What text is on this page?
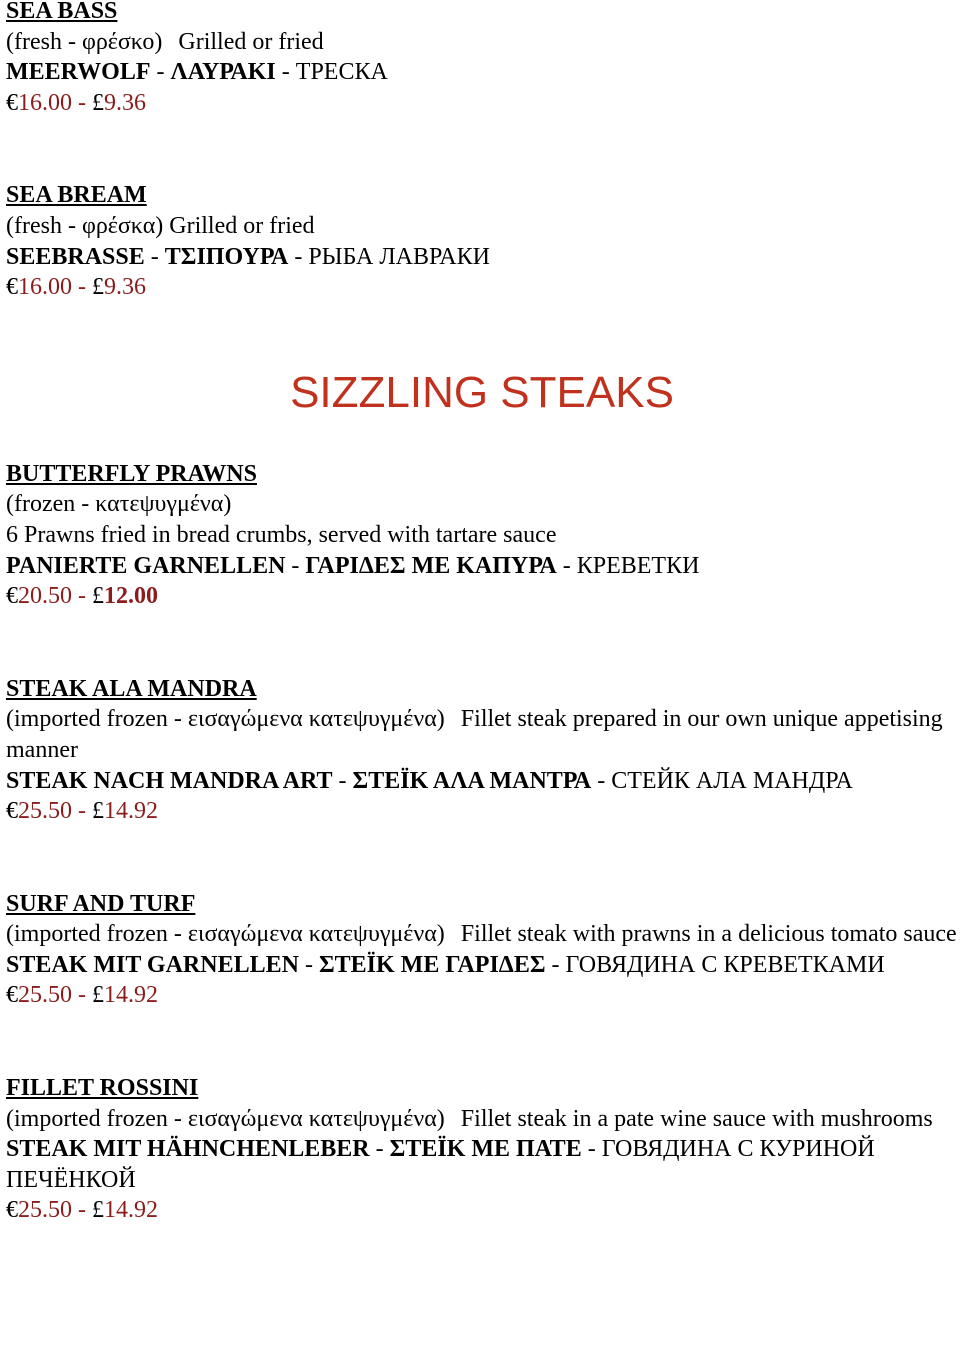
SEA BASS
(fresh - φρέσκο) Grilled or fried
MEERWOLF - ΛΑΥΡΑΚΙ - ТРЕСКА
€16.00 - £9.36
SEA BREAM
(fresh - φρέσκα) Grilled or fried
SEEBRASSE - ΤΣΙΠΟΥΡΑ - РЫБА ЛАВРАКИ
€16.00 - £9.36
SIZZLING STEAKS
BUTTERFLY PRAWNS
(frozen - κατεψυγμένα)
6 Prawns fried in bread crumbs, served with tartare sauce
PANIERTE GARNELLEN - ΓΑΡΙΔΕΣ ΜΕ ΚΑΠΥΡΑ - КРЕВЕТКИ
€20.50 - £12.00
STEAK ALA MANDRA
(imported frozen - εισαγώμενα κατεψυγμένα) Fillet steak prepared in our own unique appetising manner
STEAK NACH MANDRA ART - ΣΤΕΪΚ ΑΛΑ ΜΑΝΤΡΑ - СТЕЙК АЛА МАНДРА
€25.50 - £14.92
SURF AND TURF
(imported frozen - εισαγώμενα κατεψυγμένα) Fillet steak with prawns in a delicious tomato sauce
STEAK MIT GARNELLEN - ΣΤΕΪΚ ΜΕ ΓΑΡΙΔΕΣ - ГОВЯДИНА С КРЕВЕТКАМИ
€25.50 - £14.92
FILLET ROSSINI
(imported frozen - εισαγώμενα κατεψυγμένα) Fillet steak in a pate wine sauce with mushrooms
STEAK MIT HÄHNCHENLEBER - ΣΤΕΪΚ ΜΕ ΠΑΤΕ - ГОВЯДИНА С КУРИНОЙ ПЕЧЁНКОЙ
€25.50 - £14.92
